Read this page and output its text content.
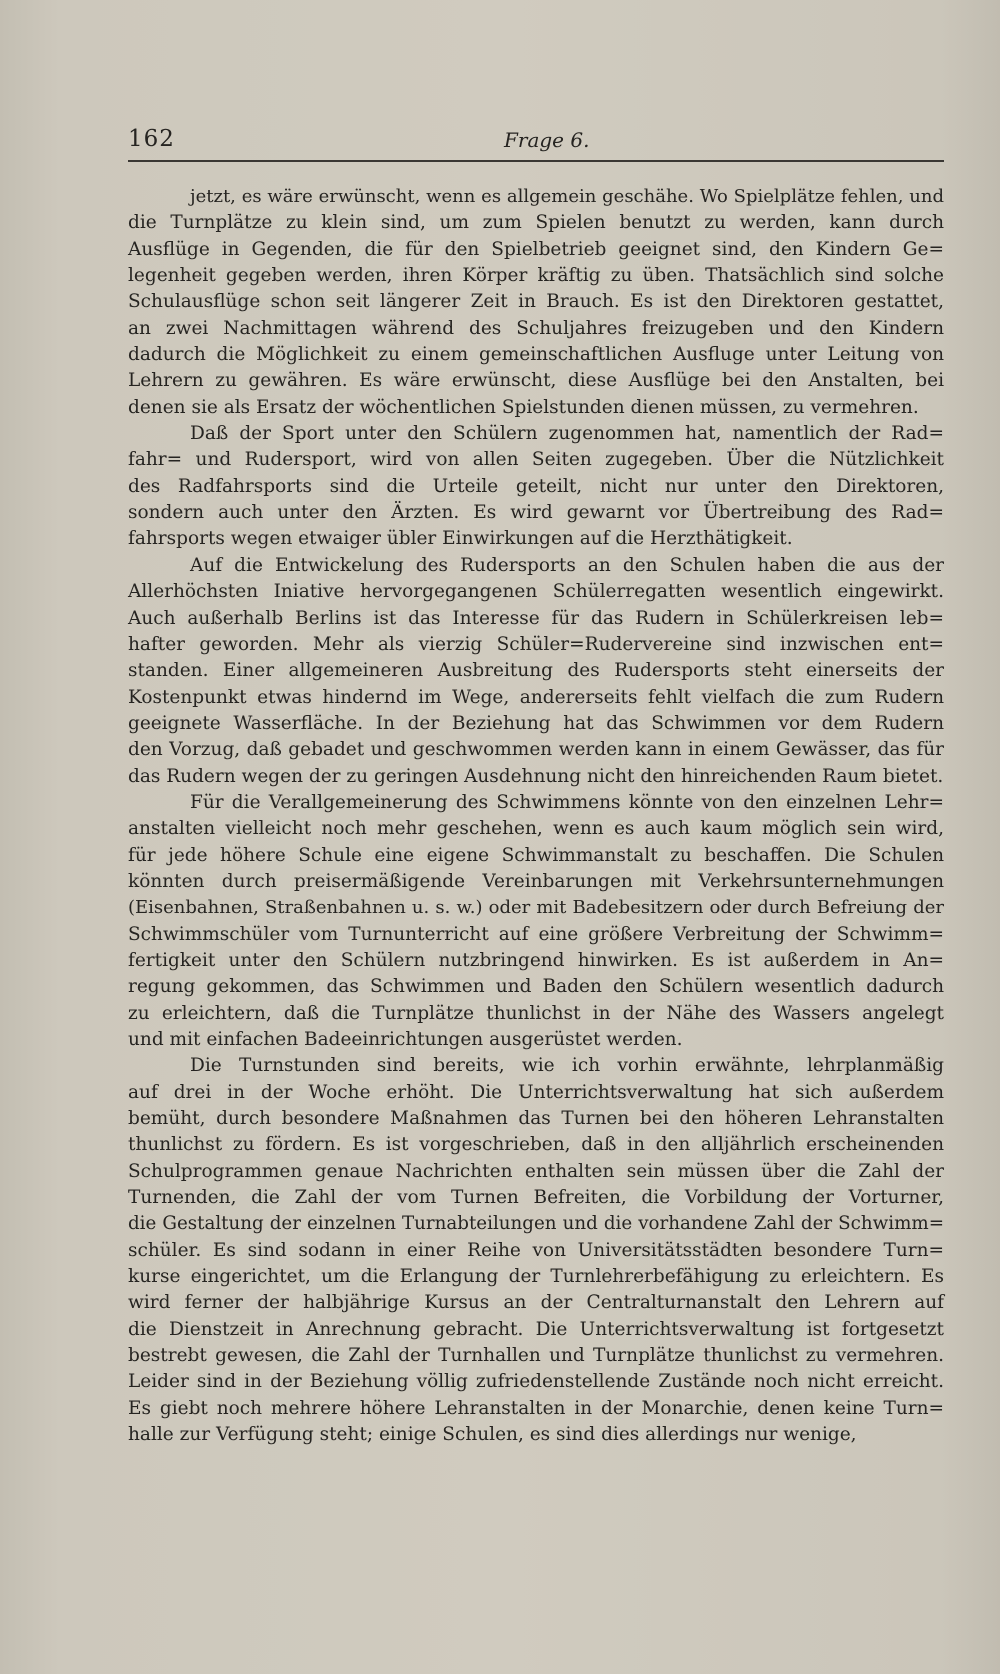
162	Frage 6.
jetzt, es wäre erwünscht, wenn es allgemein geschähe. Wo Spielplätze fehlen, und
die Turnplätze zu klein sind, um zum Spielen benutzt zu werden, kann durch
Ausflüge in Gegenden, die für den Spielbetrieb geeignet sind, den Kindern Ge=
legenheit gegeben werden, ihren Körper kräftig zu üben. Thatsächlich sind solche
Schulausflüge schon seit längerer Zeit in Brauch. Es ist den Direktoren gestattet,
an zwei Nachmittagen während des Schuljahres freizugeben und den Kindern
dadurch die Möglichkeit zu einem gemeinschaftlichen Ausfluge unter Leitung von
Lehrern zu gewähren. Es wäre erwünscht, diese Ausflüge bei den Anstalten, bei
denen sie als Ersatz der wöchentlichen Spielstunden dienen müssen, zu vermehren.
Daß der Sport unter den Schülern zugenommen hat, namentlich der Rad=
fahr= und Rudersport, wird von allen Seiten zugegeben. Über die Nützlichkeit
des Radfahrsports sind die Urteile geteilt, nicht nur unter den Direktoren,
sondern auch unter den Ärzten. Es wird gewarnt vor Übertreibung des Rad=
fahrsports wegen etwaiger übler Einwirkungen auf die Herzthätigkeit.
Auf die Entwickelung des Rudersports an den Schulen haben die aus der
Allerhöchsten Iniative hervorgegangenen Schülerregatten wesentlich eingewirkt.
Auch außerhalb Berlins ist das Interesse für das Rudern in Schülerkreisen leb=
hafter geworden. Mehr als vierzig Schüler=Rudervereine sind inzwischen ent=
standen. Einer allgemeineren Ausbreitung des Rudersports steht einerseits der
Kostenpunkt etwas hindernd im Wege, andererseits fehlt vielfach die zum Rudern
geeignete Wasserfläche. In der Beziehung hat das Schwimmen vor dem Rudern
den Vorzug, daß gebadet und geschwommen werden kann in einem Gewässer, das für
das Rudern wegen der zu geringen Ausdehnung nicht den hinreichenden Raum bietet.
Für die Verallgemeinerung des Schwimmens könnte von den einzelnen Lehr=
anstalten vielleicht noch mehr geschehen, wenn es auch kaum möglich sein wird,
für jede höhere Schule eine eigene Schwimmanstalt zu beschaffen. Die Schulen
könnten durch preisermäßigende Vereinbarungen mit Verkehrsunternehmungen
(Eisenbahnen, Straßenbahnen u. s. w.) oder mit Badebesitzern oder durch Befreiung der
Schwimmschüler vom Turnunterricht auf eine größere Verbreitung der Schwimm=
fertigkeit unter den Schülern nutzbringend hinwirken. Es ist außerdem in An=
regung gekommen, das Schwimmen und Baden den Schülern wesentlich dadurch
zu erleichtern, daß die Turnplätze thunlichst in der Nähe des Wassers angelegt
und mit einfachen Badeeinrichtungen ausgerüstet werden.
Die Turnstunden sind bereits, wie ich vorhin erwähnte, lehrplanmäßig
auf drei in der Woche erhöht. Die Unterrichtsverwaltung hat sich außerdem
bemüht, durch besondere Maßnahmen das Turnen bei den höheren Lehranstalten
thunlichst zu fördern. Es ist vorgeschrieben, daß in den alljährlich erscheinenden
Schulprogrammen genaue Nachrichten enthalten sein müssen über die Zahl der
Turnenden, die Zahl der vom Turnen Befreiten, die Vorbildung der Vorturner,
die Gestaltung der einzelnen Turnabteilungen und die vorhandene Zahl der Schwimm=
schüler. Es sind sodann in einer Reihe von Universitätsstädten besondere Turn=
kurse eingerichtet, um die Erlangung der Turnlehrerbefähigung zu erleichtern. Es
wird ferner der halbjährige Kursus an der Centralturnanstalt den Lehrern auf
die Dienstzeit in Anrechnung gebracht. Die Unterrichtsverwaltung ist fortgesetzt
bestrebt gewesen, die Zahl der Turnhallen und Turnplätze thunlichst zu vermehren.
Leider sind in der Beziehung völlig zufriedenstellende Zustände noch nicht erreicht.
Es giebt noch mehrere höhere Lehranstalten in der Monarchie, denen keine Turn=
halle zur Verfügung steht; einige Schulen, es sind dies allerdings nur wenige,
